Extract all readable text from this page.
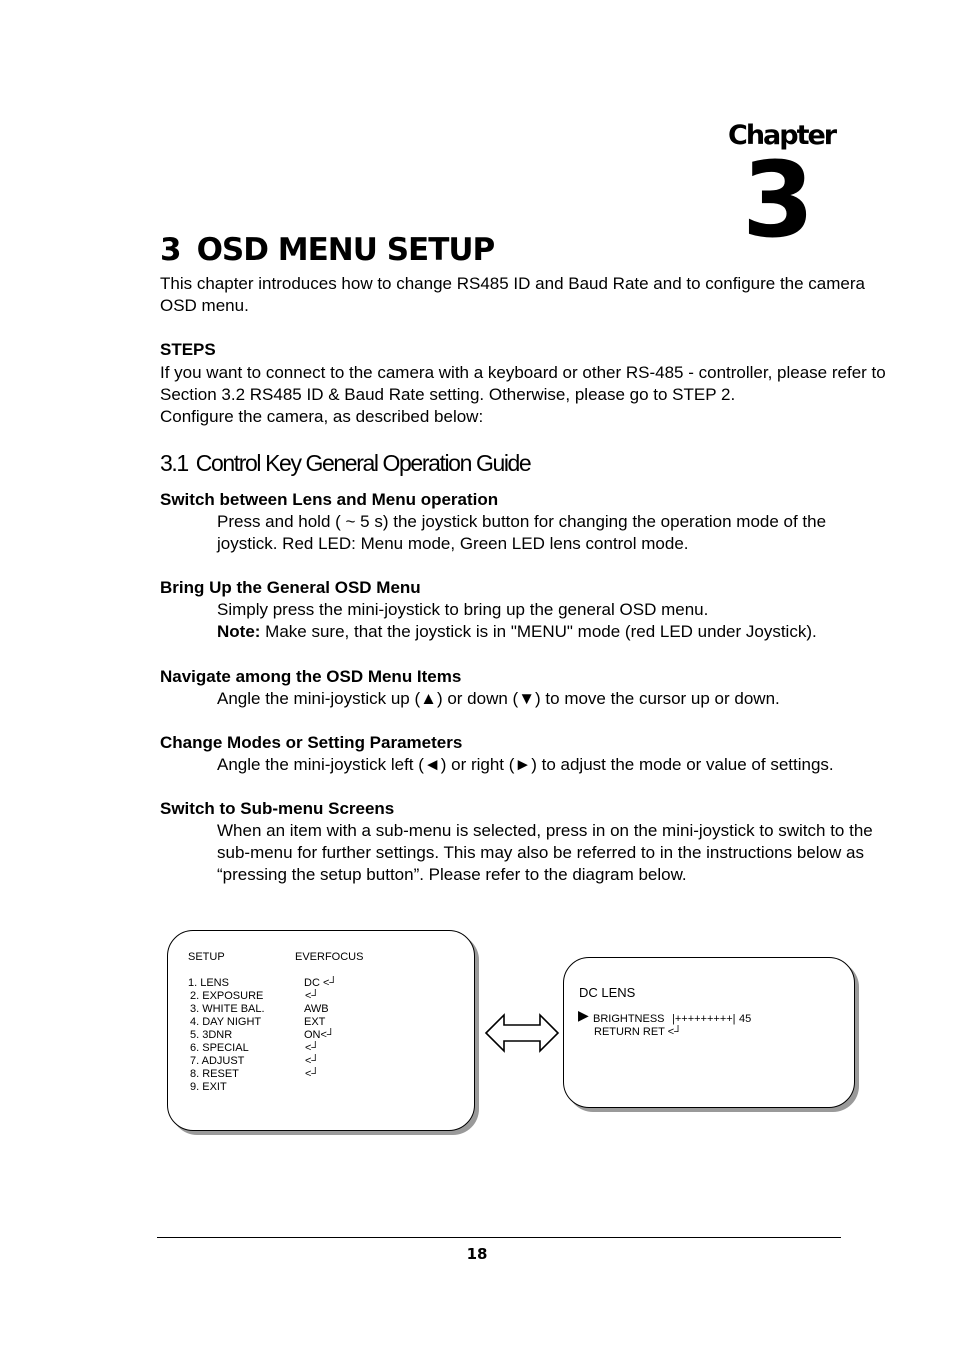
Chapter
3
3 OSD MENU SETUP
This chapter introduces how to change RS485 ID and Baud Rate and to configure the camera
OSD menu.
STEPS
If you want to connect to the camera with a keyboard or other RS-485 - controller, please refer to
Section 3.2 RS485 ID & Baud Rate setting. Otherwise, please go to STEP 2.
Configure the camera, as described below:
3.1 Control Key General Operation Guide
Switch between Lens and Menu operation
Press and hold ( ~ 5 s) the joystick button for changing the operation mode of the
joystick. Red LED: Menu mode, Green LED lens control mode.
Bring Up the General OSD Menu
Simply press the mini-joystick to bring up the general OSD menu.
Note: Make sure, that the joystick is in "MENU" mode (red LED under Joystick).
Navigate among the OSD Menu Items
Angle the mini-joystick up (▲) or down (▼) to move the cursor up or down.
Change Modes or Setting Parameters
Angle the mini-joystick left (◄) or right (►) to adjust the mode or value of settings.
Switch to Sub-menu Screens
When an item with a sub-menu is selected, press in on the mini-joystick to switch to the
sub-menu for further settings. This may also be referred to in the instructions below as
“pressing the setup button”. Please refer to the diagram below.
SETUP	EVERFOCUS
1. LENS	DC <┘
2. EXPOSURE	<┘
3. WHITE BAL.	AWB
4. DAY NIGHT	EXT
5. 3DNR	ON<┘
6. SPECIAL	<┘
7. ADJUST	<┘
8. RESET	<┘
9. EXIT
DC LENS
▶ BRIGHTNESS |+++++++++| 45
RETURN RET <┘
18
